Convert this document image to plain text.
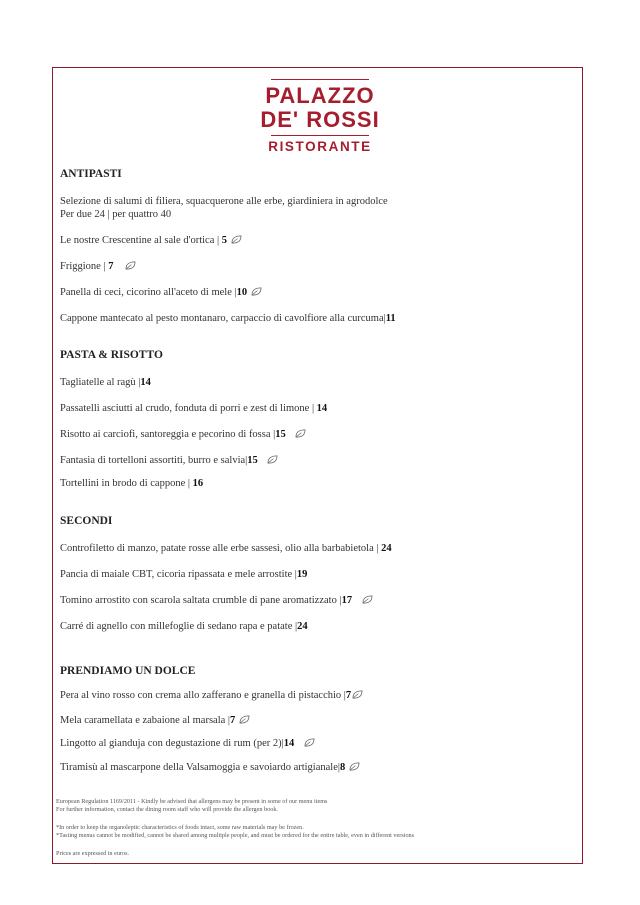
PALAZZO
DE' ROSSI
RISTORANTE
ANTIPASTI
Selezione di salumi di filiera, squacquerone alle erbe, giardiniera in agrodolce
Per due 24 | per quattro 40
Le nostre Crescentine al sale d'ortica | 5
Friggione | 7
Panella di ceci, cicorino all'aceto di mele |10
Cappone mantecato al pesto montanaro, carpaccio di cavolfiore alla curcuma|11
PASTA & RISOTTO
Tagliatelle al ragù |14
Passatelli asciutti al crudo, fonduta di porri e zest di limone | 14
Risotto ai carciofi, santoreggia e pecorino di fossa |15
Fantasia di tortelloni assortiti, burro e salvia|15
Tortellini in brodo di cappone | 16
SECONDI
Controfiletto di manzo, patate rosse alle erbe sassesi, olio alla barbabietola | 24
Pancia di maiale CBT, cicoria ripassata e mele arrostite |19
Tomino arrostito con scarola saltata crumble di pane aromatizzato |17
Carré di agnello con millefoglie di sedano rapa e patate |24
PRENDIAMO UN DOLCE
Pera al vino rosso con crema allo zafferano e granella di pistacchio |7
Mela caramellata e zabaione al marsala |7
Lingotto al gianduja con degustazione di rum (per 2)|14
Tiramisù al mascarpone della Valsamoggia e savoiardo artigianale|8
European Regulation 1169/2011 - Kindly be advised that allergens may be present in some of our menu items
For further information, contact the dining room staff who will provide the allergen book.
*In order to keep the organoleptic characteristics of foods intact, some raw materials may be frozen.
*Tasting menus cannot be modified, cannot be shared among multiple people, and must be ordered for the entire table, even in different versions
Prices are expressed in euros.
